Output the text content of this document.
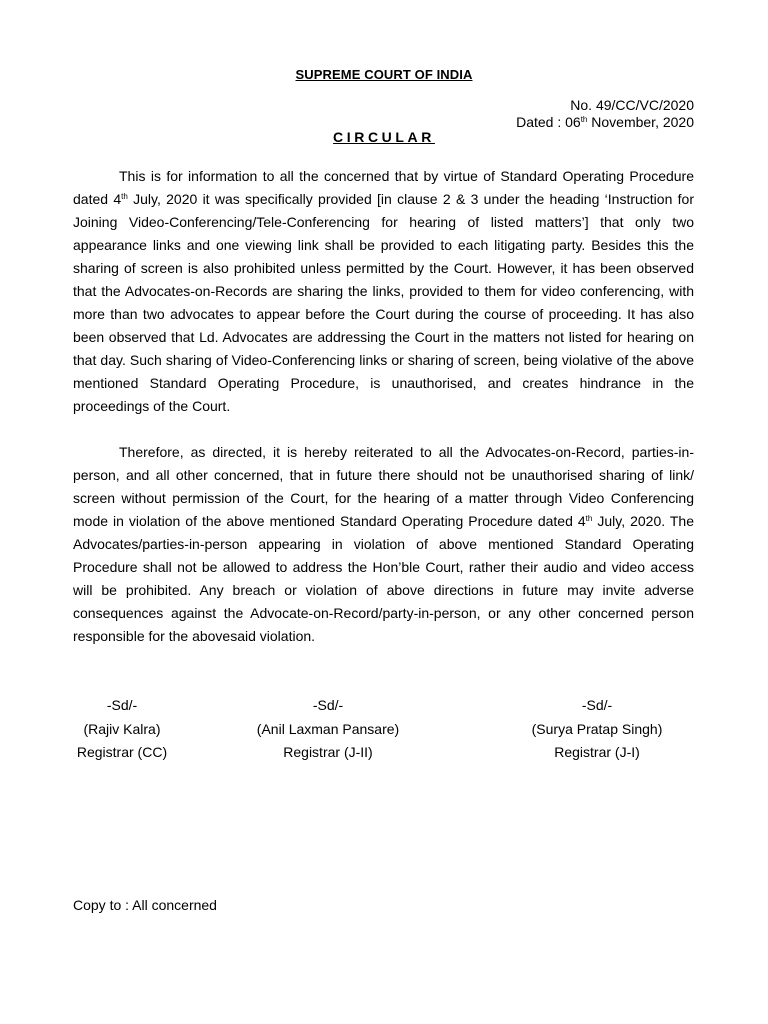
SUPREME COURT OF INDIA
No. 49/CC/VC/2020
Dated : 06th November, 2020
CIRCULAR

This is for information to all the concerned that by virtue of Standard Operating Procedure dated 4th July, 2020 it was specifically provided [in clause 2 & 3 under the heading ‘Instruction for Joining Video-Conferencing/Tele-Conferencing for hearing of listed matters’] that only two appearance links and one viewing link shall be provided to each litigating party. Besides this the sharing of screen is also prohibited unless permitted by the Court. However, it has been observed that the Advocates-on-Records are sharing the links, provided to them for video conferencing, with more than two advocates to appear before the Court during the course of proceeding. It has also been observed that Ld. Advocates are addressing the Court in the matters not listed for hearing on that day. Such sharing of Video-Conferencing links or sharing of screen, being violative of the above mentioned Standard Operating Procedure, is unauthorised, and creates hindrance in the proceedings of the Court.

Therefore, as directed, it is hereby reiterated to all the Advocates-on-Record, parties-in-person, and all other concerned, that in future there should not be unauthorised sharing of link/ screen without permission of the Court, for the hearing of a matter through Video Conferencing mode in violation of the above mentioned Standard Operating Procedure dated 4th July, 2020. The Advocates/parties-in-person appearing in violation of above mentioned Standard Operating Procedure shall not be allowed to address the Hon’ble Court, rather their audio and video access will be prohibited. Any breach or violation of above directions in future may invite adverse consequences against the Advocate-on-Record/party-in-person, or any other concerned person responsible for the abovesaid violation.

-Sd/-
(Rajiv Kalra)
Registrar (CC)
-Sd/-
(Anil Laxman Pansare)
Registrar (J-II)
-Sd/-
(Surya Pratap Singh)
Registrar (J-I)
Copy to : All concerned
